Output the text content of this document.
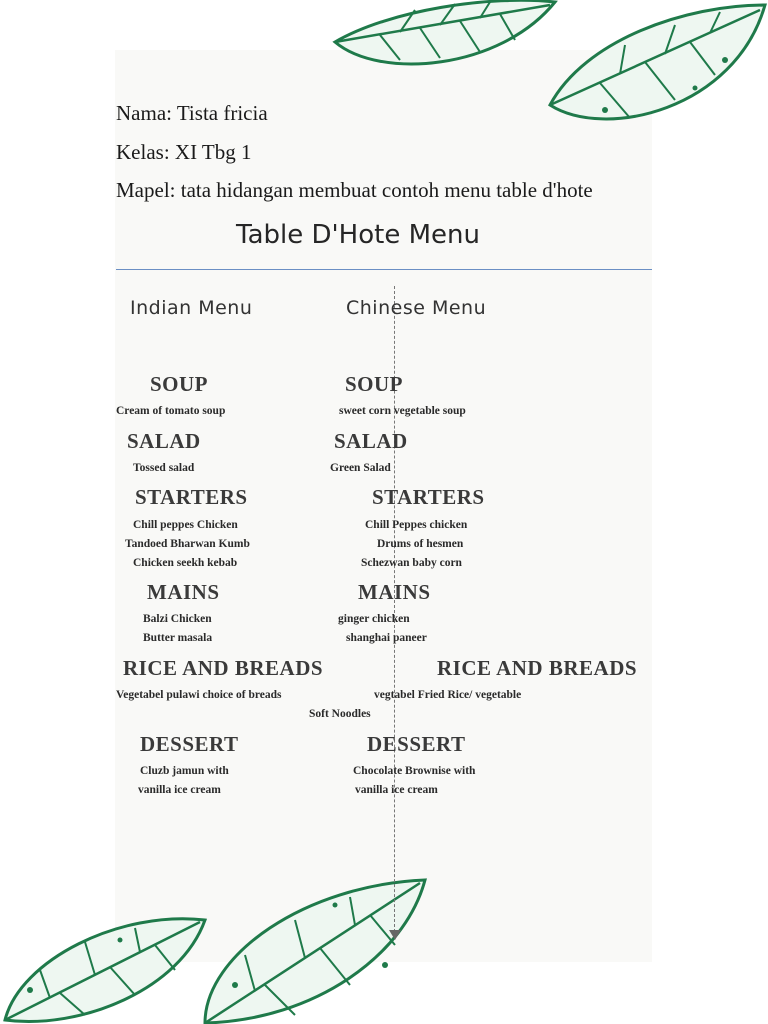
Nama: Tista fricia
Kelas: XI Tbg 1
Mapel: tata hidangan membuat contoh menu table d'hote
Table D'Hote Menu
Indian Menu	Chinese Menu
SOUP
Cream of tomato soup
SALAD
Tossed salad
STARTERS
Chill peppes Chicken
Tandoed Bharwan Kumb
Chicken seekh kebab
MAINS
Balzi Chicken
Butter masala
RICE AND BREADS
Vegetabel pulawi choice of breads
DESSERT
Cluzb jamun with
vanilla ice cream
SOUP
sweet corn vegetable soup
SALAD
Green Salad
STARTERS
Chill Peppes chicken
Drums of hesmen
Schezwan baby corn
MAINS
ginger chicken
shanghai paneer
RICE AND BREADS
vegtabel Fried Rice/ vegetable
Soft Noodles
DESSERT
Chocolate Brownise with
vanilla ice cream
